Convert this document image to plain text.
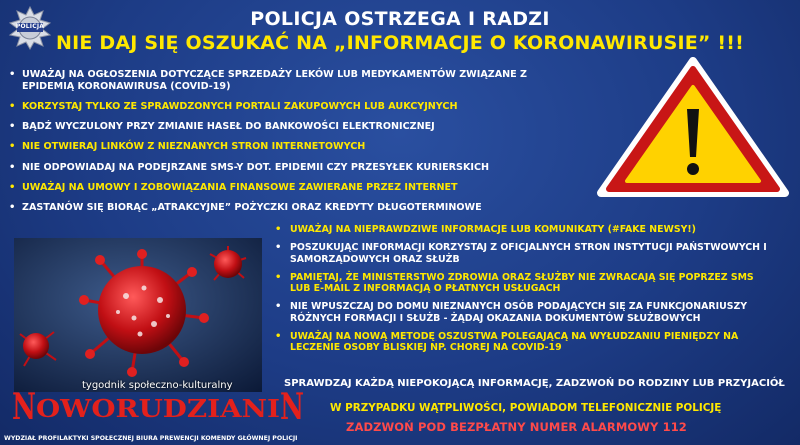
POLICJA	POLICJA OSTRZEGA I RADZI
NIE DAJ SIĘ OSZUKAĆ NA „INFORMACJE O KORONAWIRUSIE” !!!
• UWAŻAJ NA OGŁOSZENIA DOTYCZĄCE SPRZEDAŻY LEKÓW LUB MEDYKAMENTÓW ZWIĄZANE Z EPIDEMIĄ KORONAWIRUSA (COVID-19)
• KORZYSTAJ TYLKO ZE SPRAWDZONYCH PORTALI ZAKUPOWYCH LUB AUKCYJNYCH
• BĄDŹ WYCZULONY PRZY ZMIANIE HASEŁ DO BANKOWOŚCI ELEKTRONICZNEJ
• NIE OTWIERAJ LINKÓW Z NIEZNANYCH STRON INTERNETOWYCH
• NIE ODPOWIADAJ NA PODEJRZANE SMS-Y DOT. EPIDEMII CZY PRZESYŁEK KURIERSKICH
• UWAŻAJ NA UMOWY I ZOBOWIĄZANIA FINANSOWE ZAWIERANE PRZEZ INTERNET
• ZASTANÓW SIĘ BIORĄC „ATRAKCYJNE” POŻYCZKI ORAZ KREDYTY DŁUGOTERMINOWE
tygodnik społeczno-kulturalny
N OWORUDZIANI N
• UWAŻAJ NA NIEPRAWDZIWE INFORMACJE LUB KOMUNIKATY (#FAKE NEWSY!)
• POSZUKUJĄC INFORMACJI KORZYSTAJ Z OFICJALNYCH STRON INSTYTUCJI PAŃSTWOWYCH I SAMORZĄDOWYCH ORAZ SŁUŻB
• PAMIĘTAJ, ŻE MINISTERSTWO ZDROWIA ORAZ SŁUŻBY NIE ZWRACAJĄ SIĘ POPRZEZ SMS LUB E-MAIL Z INFORMACJĄ O PŁATNYCH USŁUGACH
• NIE WPUSZCZAJ DO DOMU NIEZNANYCH OSÓB PODAJĄCYCH SIĘ ZA FUNKCJONARIUSZY RÓŻNYCH FORMACJI I SŁUŻB - ŻĄDAJ OKAZANIA DOKUMENTÓW SŁUŻBOWYCH
• UWAŻAJ NA NOWĄ METODĘ OSZUSTWA POLEGAJĄCĄ NA WYŁUDZANIU PIENIĘDZY NA LECZENIE OSOBY BLISKIEJ NP. CHOREJ NA COVID-19
SPRAWDZAJ KAŻDĄ NIEPOKOJĄCĄ INFORMACJĘ, ZADZWOŃ DO RODZINY LUB PRZYJACIÓŁ
W PRZYPADKU WĄTPLIWOŚCI, POWIADOM TELEFONICZNIE POLICJĘ
ZADZWOŃ POD BEZPŁATNY NUMER ALARMOWY 112
WYDZIAŁ PROFILAKTYKI SPOŁECZNEJ BIURA PREWENCJI KOMENDY GŁÓWNEJ POLICJI
